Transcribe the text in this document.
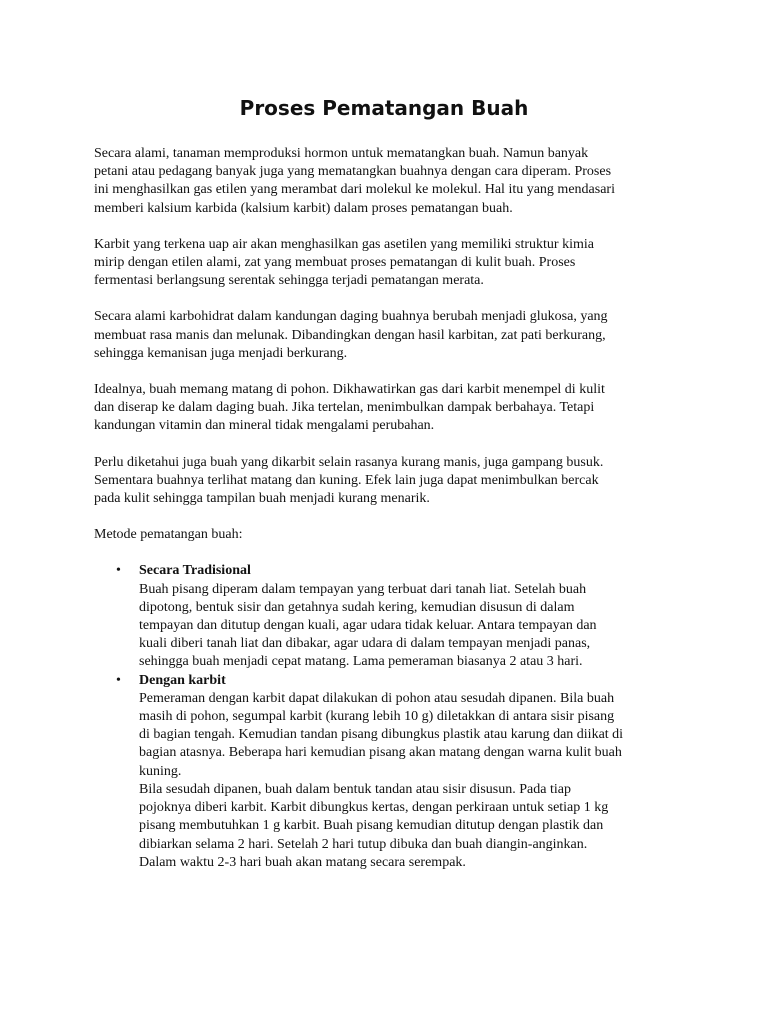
Proses Pematangan Buah

Secara alami, tanaman memproduksi hormon untuk mematangkan buah. Namun banyak
petani atau pedagang banyak juga yang mematangkan buahnya dengan cara diperam. Proses
ini menghasilkan gas etilen yang merambat dari molekul ke molekul. Hal itu yang mendasari
memberi kalsium karbida (kalsium karbit) dalam proses pematangan buah.

Karbit yang terkena uap air akan menghasilkan gas asetilen yang memiliki struktur kimia
mirip dengan etilen alami, zat yang membuat proses pematangan di kulit buah. Proses
fermentasi berlangsung serentak sehingga terjadi pematangan merata.

Secara alami karbohidrat dalam kandungan daging buahnya berubah menjadi glukosa, yang
membuat rasa manis dan melunak. Dibandingkan dengan hasil karbitan, zat pati berkurang,
sehingga kemanisan juga menjadi berkurang.

Idealnya, buah memang matang di pohon. Dikhawatirkan gas dari karbit menempel di kulit
dan diserap ke dalam daging buah. Jika tertelan, menimbulkan dampak berbahaya. Tetapi
kandungan vitamin dan mineral tidak mengalami perubahan.

Perlu diketahui juga buah yang dikarbit selain rasanya kurang manis, juga gampang busuk.
Sementara buahnya terlihat matang dan kuning. Efek lain juga dapat menimbulkan bercak
pada kulit sehingga tampilan buah menjadi kurang menarik.

Metode pematangan buah:

• Secara Tradisional
Buah pisang diperam dalam tempayan yang terbuat dari tanah liat. Setelah buah
dipotong, bentuk sisir dan getahnya sudah kering, kemudian disusun di dalam
tempayan dan ditutup dengan kuali, agar udara tidak keluar. Antara tempayan dan
kuali diberi tanah liat dan dibakar, agar udara di dalam tempayan menjadi panas,
sehingga buah menjadi cepat matang. Lama pemeraman biasanya 2 atau 3 hari.
• Dengan karbit
Pemeraman dengan karbit dapat dilakukan di pohon atau sesudah dipanen. Bila buah
masih di pohon, segumpal karbit (kurang lebih 10 g) diletakkan di antara sisir pisang
di bagian tengah. Kemudian tandan pisang dibungkus plastik atau karung dan diikat di
bagian atasnya. Beberapa hari kemudian pisang akan matang dengan warna kulit buah
kuning.
Bila sesudah dipanen, buah dalam bentuk tandan atau sisir disusun. Pada tiap
pojoknya diberi karbit. Karbit dibungkus kertas, dengan perkiraan untuk setiap 1 kg
pisang membutuhkan 1 g karbit. Buah pisang kemudian ditutup dengan plastik dan
dibiarkan selama 2 hari. Setelah 2 hari tutup dibuka dan buah diangin-anginkan.
Dalam waktu 2-3 hari buah akan matang secara serempak.
